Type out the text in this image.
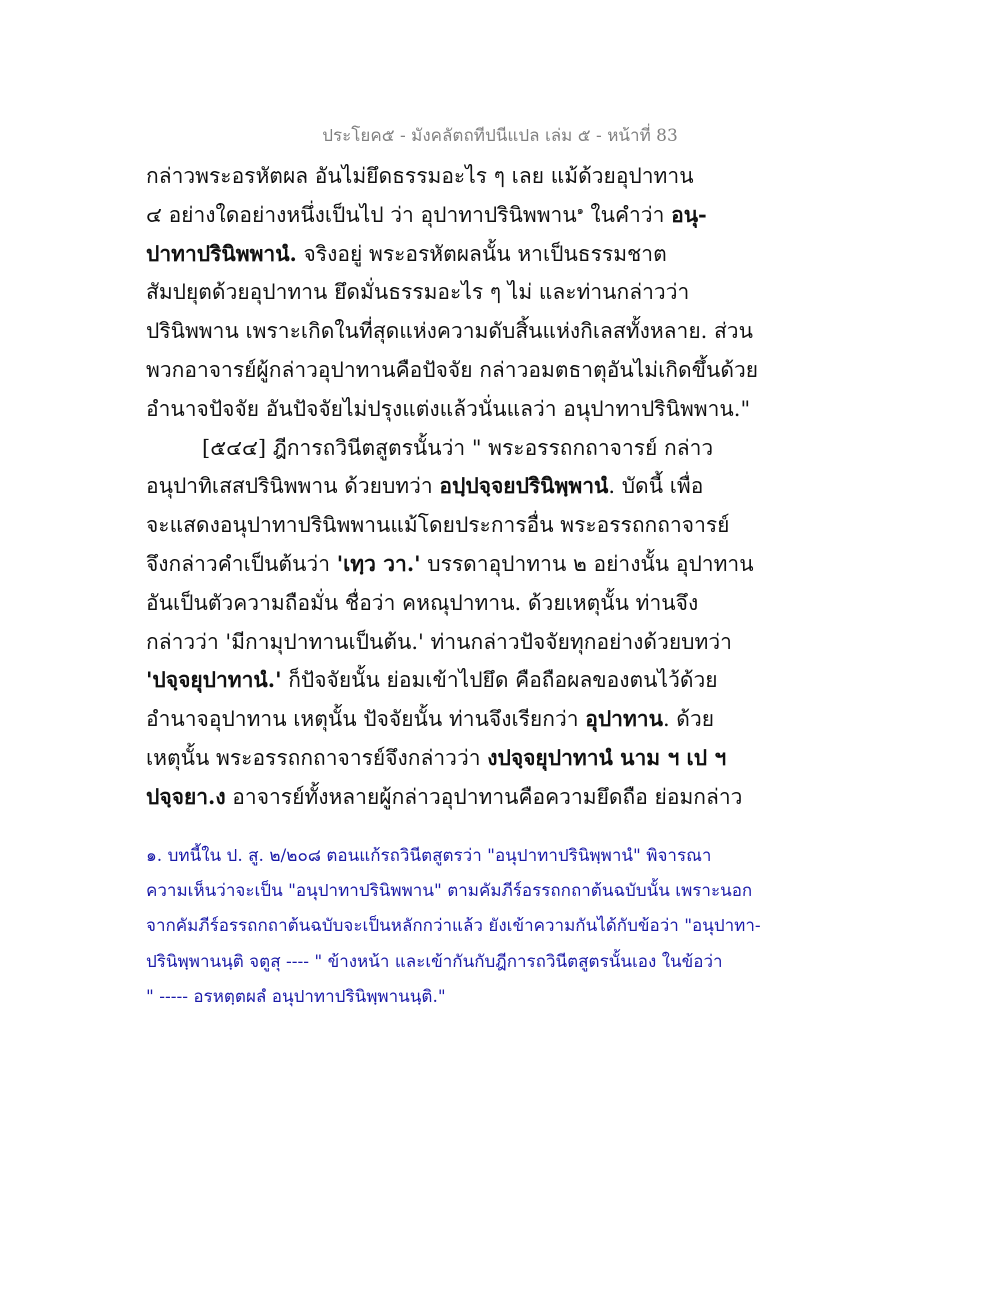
ประโยค๕ - มังคลัตถทีปนีแปล เล่ม ๕ - หน้าที่ 83
กล่าวพระอรหัตผล อันไม่ยึดธรรมอะไร ๆ เลย แม้ด้วยอุปาทาน
๔ อย่างใดอย่างหนึ่งเป็นไป ว่า อุปาทาปรินิพพาน$^๑$ ในคำว่า อนุ-
ปาทาปรินิพพานํ. จริงอยู่ พระอรหัตผลนั้น หาเป็นธรรมชาต
สัมปยุตด้วยอุปาทาน ยึดมั่นธรรมอะไร ๆ ไม่ และท่านกล่าวว่า
ปรินิพพาน เพราะเกิดในที่สุดแห่งความดับสิ้นแห่งกิเลสทั้งหลาย. ส่วน
พวกอาจารย์ผู้กล่าวอุปาทานคือปัจจัย กล่าวอมตธาตุอันไม่เกิดขึ้นด้วย
อำนาจปัจจัย อันปัจจัยไม่ปรุงแต่งแล้วนั่นแลว่า อนุปาทาปรินิพพาน."
[๕๔๔] ฎีการถวินีตสูตรนั้นว่า " พระอรรถกถาจารย์ กล่าว
อนุปาทิเสสปรินิพพาน ด้วยบทว่า อปฺปจฺจยปรินิพฺพานํ. บัดนี้ เพื่อ
จะแสดงอนุปาทาปรินิพพานแม้โดยประการอื่น พระอรรถกถาจารย์
จึงกล่าวคำเป็นต้นว่า 'เทฺว วา.' บรรดาอุปาทาน ๒ อย่างนั้น อุปาทาน
อันเป็นตัวความถือมั่น ชื่อว่า คหณุปาทาน. ด้วยเหตุนั้น ท่านจึง
กล่าวว่า 'มีกามุปาทานเป็นต้น.' ท่านกล่าวปัจจัยทุกอย่างด้วยบทว่า
'ปจฺจยุปาทานํ.' ก็ปัจจัยนั้น ย่อมเข้าไปยึด คือถือผลของตนไว้ด้วย
อำนาจอุปาทาน เหตุนั้น ปัจจัยนั้น ท่านจึงเรียกว่า อุปาทาน. ด้วย
เหตุนั้น พระอรรถกถาจารย์จึงกล่าวว่า งปจฺจยุปาทานํ นาม ฯ เป ฯ
ปจฺจยา.ง อาจารย์ทั้งหลายผู้กล่าวอุปาทานคือความยึดถือ ย่อมกล่าว
๑. บทนี้ใน ป. สู. ๒/๒๐๘ ตอนแก้รถวินีตสูตรว่า "อนุปาทาปรินิพฺพานํ" พิจารณา
ความเห็นว่าจะเป็น "อนุปาทาปรินิพพาน" ตามคัมภีร์อรรถกถาต้นฉบับนั้น เพราะนอก
จากคัมภีร์อรรถกถาต้นฉบับจะเป็นหลักกว่าแล้ว ยังเข้าความกันได้กับข้อว่า "อนุปาทา-
ปรินิพฺพานนฺติ จตูสุ ---- " ข้างหน้า และเข้ากันกับฎีการถวินีตสูตรนั้นเอง ในข้อว่า
" ----- อรหตฺตผลํ อนุปาทาปรินิพฺพานนฺติ."
